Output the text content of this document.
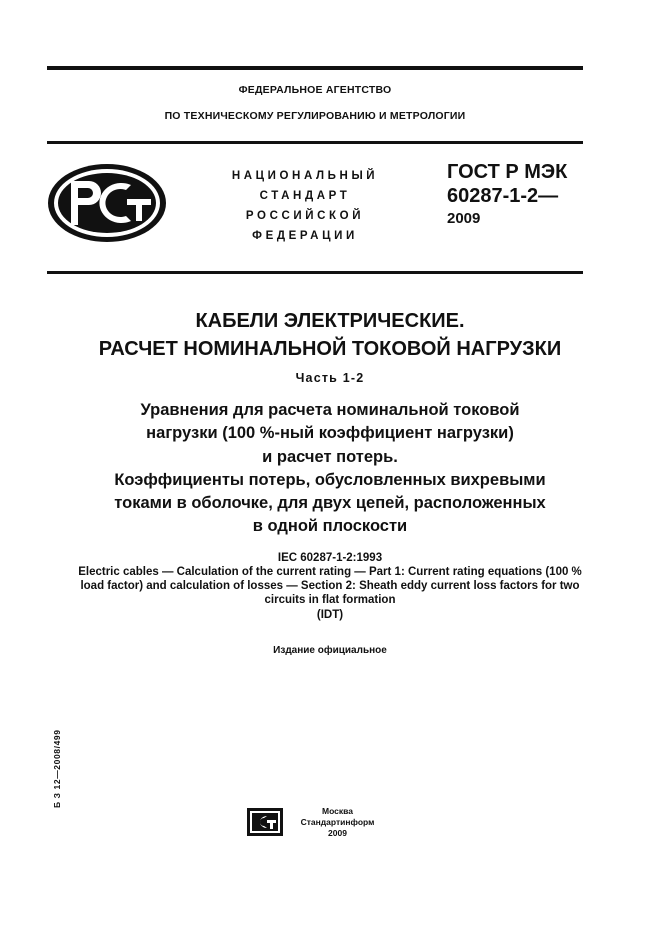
ФЕДЕРАЛЬНОЕ АГЕНТСТВО
ПО ТЕХНИЧЕСКОМУ РЕГУЛИРОВАНИЮ И МЕТРОЛОГИИ
НАЦИОНАЛЬНЫЙ
СТАНДАРТ
РОССИЙСКОЙ
ФЕДЕРАЦИИ
ГОСТ Р МЭК
60287-1-2—
2009
КАБЕЛИ ЭЛЕКТРИЧЕСКИЕ.
РАСЧЕТ НОМИНАЛЬНОЙ ТОКОВОЙ НАГРУЗКИ
Часть 1-2
Уравнения для расчета номинальной токовой
нагрузки (100 %-ный коэффициент нагрузки)
и расчет потерь.
Коэффициенты потерь, обусловленных вихревыми
токами в оболочке, для двух цепей, расположенных
в одной плоскости
IEC 60287-1-2:1993
Electric cables — Calculation of the current rating — Part 1: Current rating equations (100 %
load factor) and calculation of losses — Section 2: Sheath eddy current loss factors for two
circuits in flat formation
(IDT)
Издание официальное
Б З 12—2008/499
Москва
Стандартинформ
2009
